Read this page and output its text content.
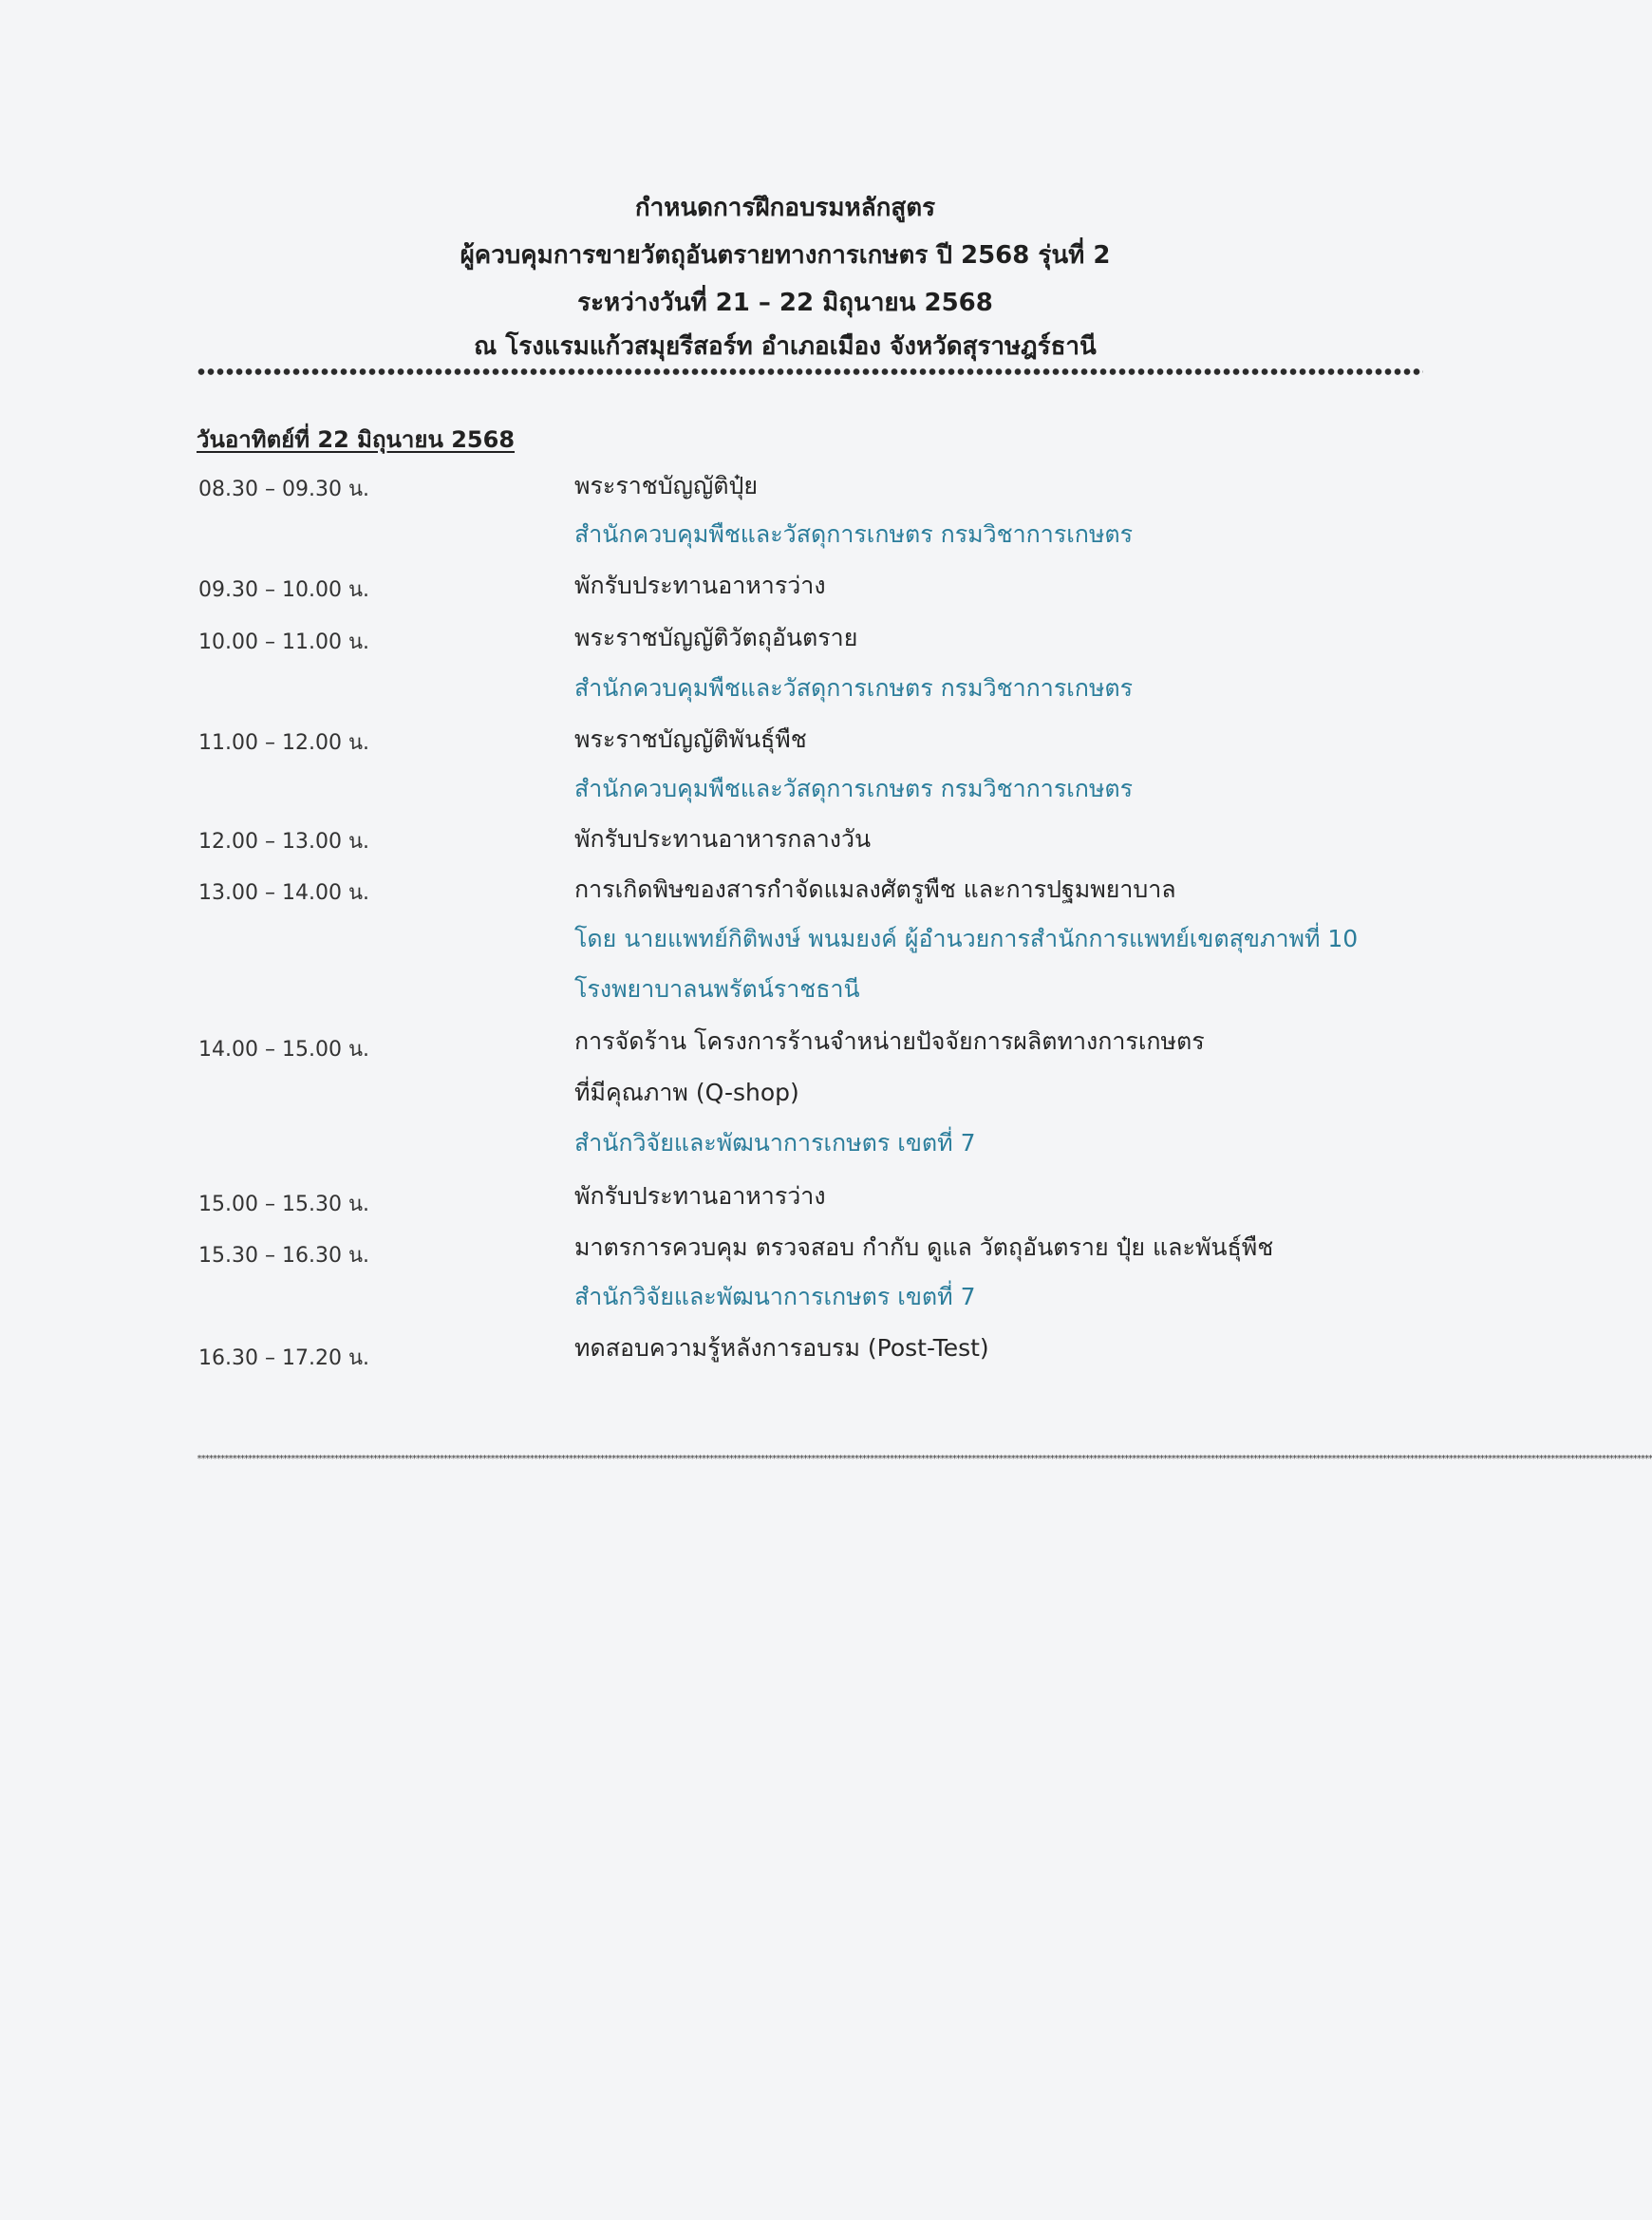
กำหนดการฝึกอบรมหลักสูตร
ผู้ควบคุมการขายวัตถุอันตรายทางการเกษตร ปี 2568 รุ่นที่ 2
ระหว่างวันที่ 21 – 22 มิถุนายน 2568
ณ โรงแรมแก้วสมุยรีสอร์ท อำเภอเมือง จังหวัดสุราษฎร์ธานี
วันอาทิตย์ที่ 22 มิถุนายน 2568
08.30 – 09.30 น.	พระราชบัญญัติปุ๋ย
สำนักควบคุมพืชและวัสดุการเกษตร กรมวิชาการเกษตร
09.30 – 10.00 น.	พักรับประทานอาหารว่าง
10.00 – 11.00 น.	พระราชบัญญัติวัตถุอันตราย
สำนักควบคุมพืชและวัสดุการเกษตร กรมวิชาการเกษตร
11.00 – 12.00 น.	พระราชบัญญัติพันธุ์พืช
สำนักควบคุมพืชและวัสดุการเกษตร กรมวิชาการเกษตร
12.00 – 13.00 น.	พักรับประทานอาหารกลางวัน
13.00 – 14.00 น.	การเกิดพิษของสารกำจัดแมลงศัตรูพืช และการปฐมพยาบาล
โดย นายแพทย์กิติพงษ์ พนมยงค์ ผู้อำนวยการสำนักการแพทย์เขตสุขภาพที่ 10
โรงพยาบาลนพรัตน์ราชธานี
14.00 – 15.00 น.	การจัดร้าน โครงการร้านจำหน่ายปัจจัยการผลิตทางการเกษตร
ที่มีคุณภาพ (Q-shop)
สำนักวิจัยและพัฒนาการเกษตร เขตที่ 7
15.00 – 15.30 น.	พักรับประทานอาหารว่าง
15.30 – 16.30 น.	มาตรการควบคุม ตรวจสอบ กำกับ ดูแล วัตถุอันตราย ปุ๋ย และพันธุ์พืช
สำนักวิจัยและพัฒนาการเกษตร เขตที่ 7
16.30 – 17.20 น.	ทดสอบความรู้หลังการอบรม (Post-Test)
************************************************************************************************************************************************************************************************************************************************************************************************************************************************************************************
